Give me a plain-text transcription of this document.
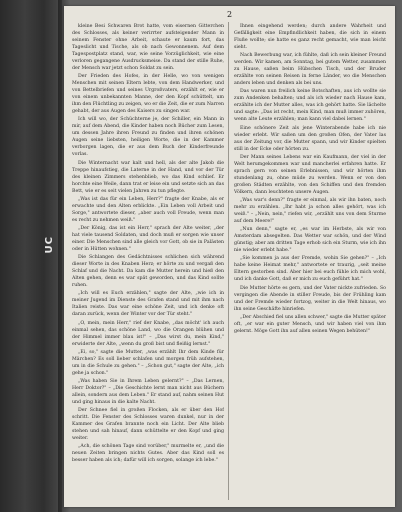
UC
2

kleine Besi Schwaren Brot hatte, vom eisernen Gitterchen des Schlosses, als keiner verirrter aufsteigender Mann in seinem Fenster ohne Arbeit, schaute er kaum fort, das Tageslicht und Tische, als ob nach Gewonnenem. Auf dem Tagespostplatz stand, war, wie seine Vorzüglichkeit, wie eine verloren gegangene Ausdrucksmeise. Da stand der stille Ruhe, der Mensch war jetzt schon Soldat zu sein.

Der Frieden des Hofes, in der Helle, wo von wenigen Menschen mit seinen Eltern lebte, von dem Handwerker, und von Bettelbriefen und seines Urgroßvaters, erzählt er, wie er von einem unbekannten Manne, der den Kopf schüttelt, um ihm den Flüchtling zu zeigen, wo er die Zeit, die er zum Narren gehabt, der aus Augen des Kaisers zu singen war.

Ich will wo, der Schüchterne je, der Schiller, ein Mann in mir, auf dem Abend, die Kinder haben noch Bücher zum Lesen, um dessen Jahre ihren Freund zu finden und ihren schönen Augen seine liebsten, heiligen Worte, die in der Kammer verborgen lagen, die er aus dem Buch der Kinderfreunde vorlas.

Die Winternacht war kalt und hell, als der alte Jakob die Treppe hinaufstieg, die Laterne in der Hand, und vor der Tür des kleinen Zimmers stehenblieb, wo das Kind schlief. Er horchte eine Weile, dann trat er leise ein und setzte sich an das Bett, wie er es seit vielen Jahren zu tun pflegte.

„Was ist das für ein Leben, Herr?" fragte der Knabe, als er erwachte und den Alten erblickte. „Ein Leben voll Arbeit und Sorge," antwortete dieser, „aber auch voll Freude, wenn man es recht zu nehmen weiß."

„Der König, das ist ein Herr," sprach der Alte weiter, „der hat viele tausend Soldaten, und doch muß er sorgen wie unser einer. Die Menschen sind alle gleich vor Gott, ob sie in Palästen oder in Hütten wohnen."

Die Schlangen des Gedächtnisses schlichen sich während dieser Worte in des Knaben Herz; er hörte zu und vergaß den Schlaf und die Nacht. Da kam die Mutter herein und hieß den Alten gehen, denn es war spät geworden, und das Kind sollte ruhen.

„Ich will es Euch erzählen," sagte der Alte, „wie ich in meiner Jugend im Dienste des Grafen stand und mit ihm nach Italien reiste. Das war eine schöne Zeit, und ich denke oft daran zurück, wenn der Winter vor der Tür steht."

„O, mein, mein Herr," rief der Knabe, „das möcht' ich auch einmal sehen, das schöne Land, wo die Orangen blühen und der Himmel immer blau ist!" – „Das wirst du, mein Kind," erwiderte der Alte, „wenn du groß bist und fleißig lernst."

„Ei, so," sagte die Mutter, „was erzählt Ihr dem Kinde für Märchen? Es soll lieber schlafen und morgen früh aufstehen, um in die Schule zu gehen." – „Schon gut," sagte der Alte, „ich gehe ja schon."

„Was haben Sie in Ihrem Leben gelernt?" – „Das Lernen, Herr Doktor?" – „Die Geschichte lernt man nicht aus Büchern allein, sondern aus dem Leben." Er stand auf, nahm seinen Hut und ging hinaus in die kalte Nacht.

Der Schnee fiel in großen Flocken, als er über den Hof schritt. Die Fenster des Schlosses waren dunkel, nur in der Kammer des Grafen brannte noch ein Licht. Der Alte blieb stehen und sah hinauf, dann schüttelte er den Kopf und ging weiter.

„Ach, die schönen Tage sind vorüber," murmelte er, „und die neuen Zeiten bringen nichts Gutes. Aber das Kind soll es besser haben als ich; dafür will ich sorgen, solange ich lebe."

Ihnen eingehend werden; durch andere Wahrheit und Gefälligkeit eine Empfindlichkeit haben, die sich in einem Fluße wollte; sie hatte es ganz recht gemacht, wie man leicht sieht.

Nach Bewerbung war, ich fühlte, daß ich sein kleiner Freund werden. Wir kamen, am Sonntag, bei gutem Wetter, zusammen zu Hause, saßen beim Hübschen Tisch, und der Bruder erzählte von seinen Reisen in ferne Länder, wo die Menschen anders leben und denken als bei uns.

Das waren nun freilich keine Botschaften, aus ich wollte sie zum Andenken behalten; und als ich wieder nach Hause kam, erzählte ich der Mutter alles, was ich gehört hatte. Sie lächelte und sagte: „Das ist recht, mein Kind, man muß immer zuhören, wenn alte Leute erzählen; man kann viel dabei lernen."

Eine schönere Zeit als jene Winterabende habe ich nie wieder erlebt. Wir saßen um den großen Ofen, der Vater las aus der Zeitung vor, die Mutter spann, und wir Kinder spielten still in der Ecke oder hörten zu.

Der Mann seines Lebens war ein Kaufmann, der viel in der Welt herumgekommen war und mancherlei erfahren hatte. Er sprach gern von seinen Erlebnissen, und wir hörten ihm stundenlang zu, ohne müde zu werden. Wenn er von den großen Städten erzählte, von den Schiffen und den fremden Völkern, dann leuchteten unsere Augen.

„Was war's denn?" fragte er einmal, als wir ihn baten, noch mehr zu erzählen. „Ihr habt ja schon alles gehört, was ich weiß." – „Nein, nein," riefen wir, „erzählt uns von dem Sturme auf dem Meere!"

„Nun denn," sagte er, „es war im Herbste, als wir von Amsterdam absegelten. Das Wetter war schön, und der Wind günstig; aber am dritten Tage erhob sich ein Sturm, wie ich ihn nie wieder erlebt habe."

„Sie kommen ja aus der Fremde, wohin Sie gehen?" – „Ich habe keine Heimat mehr," antwortete er traurig, „seit meine Eltern gestorben sind. Aber hier bei euch fühle ich mich wohl, und ich danke Gott, daß er mich zu euch geführt hat."

Die Mutter hörte es gern, und der Vater nickte zufrieden. So vergingen die Abende in stiller Freude, bis der Frühling kam und der Fremde wieder fortzog, weiter in die Welt hinaus, wo ihn seine Geschäfte hinriefen.

„Der Abschied fiel uns allen schwer," sagte die Mutter später oft, „er war ein guter Mensch, und wir haben viel von ihm gelernt. Möge Gott ihn auf allen seinen Wegen behüten!"
